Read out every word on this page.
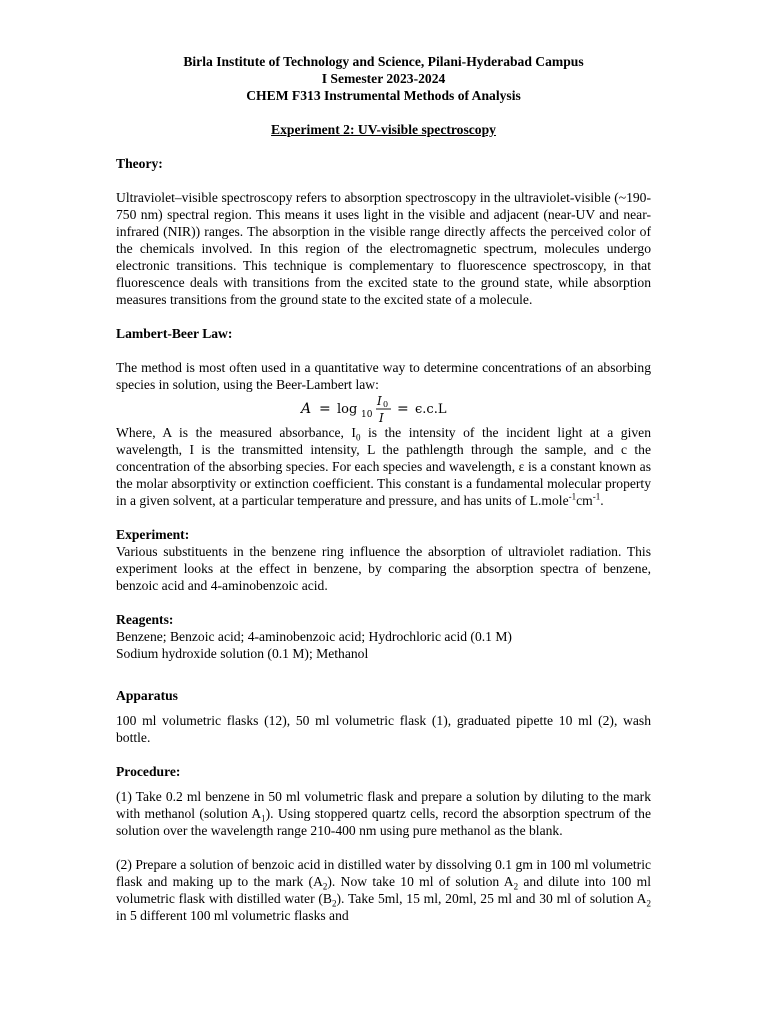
Birla Institute of Technology and Science, Pilani-Hyderabad Campus
I Semester 2023-2024
CHEM F313 Instrumental Methods of Analysis
Experiment 2: UV-visible spectroscopy
Theory:

Ultraviolet–visible spectroscopy refers to absorption spectroscopy in the ultraviolet-visible (~190-750 nm) spectral region. This means it uses light in the visible and adjacent (near-UV and near-infrared (NIR)) ranges. The absorption in the visible range directly affects the perceived color of the chemicals involved. In this region of the electromagnetic spectrum, molecules undergo electronic transitions. This technique is complementary to fluorescence spectroscopy, in that fluorescence deals with transitions from the excited state to the ground state, while absorption measures transitions from the ground state to the excited state of a molecule.

Lambert-Beer Law:

The method is most often used in a quantitative way to determine concentrations of an absorbing species in solution, using the Beer-Lambert law:

A = log 10
I 0
I
= ϵ.c.L

Where, A is the measured absorbance, $I_0$ is the intensity of the incident light at a given wavelength, I is the transmitted intensity, L the pathlength through the sample, and c the concentration of the absorbing species. For each species and wavelength, ε is a constant known as the molar absorptivity or extinction coefficient. This constant is a fundamental molecular property in a given solvent, at a particular temperature and pressure, and has units of $L.mole^{-1}cm^{-1}$.

Experiment:

Various substituents in the benzene ring influence the absorption of ultraviolet radiation. This experiment looks at the effect in benzene, by comparing the absorption spectra of benzene, benzoic acid and 4-aminobenzoic acid.

Reagents:
Benzene; Benzoic acid; 4-aminobenzoic acid; Hydrochloric acid (0.1 M)
Sodium hydroxide solution (0.1 M); Methanol
Apparatus

100 ml volumetric flasks (12), 50 ml volumetric flask (1), graduated pipette 10 ml (2), wash bottle.

Procedure:

(1) Take 0.2 ml benzene in 50 ml volumetric flask and prepare a solution by diluting to the mark with methanol (solution $A_1$). Using stoppered quartz cells, record the absorption spectrum of the solution over the wavelength range 210-400 nm using pure methanol as the blank.

(2) Prepare a solution of benzoic acid in distilled water by dissolving 0.1 gm in 100 ml volumetric flask and making up to the mark $(A_2)$. Now take 10 ml of solution $A_2$ and dilute into 100 ml volumetric flask with distilled water $(B_2)$. Take 5ml, 15 ml, 20ml, 25 ml and 30 ml of solution $A_2$ in 5 different 100 ml volumetric flasks and
